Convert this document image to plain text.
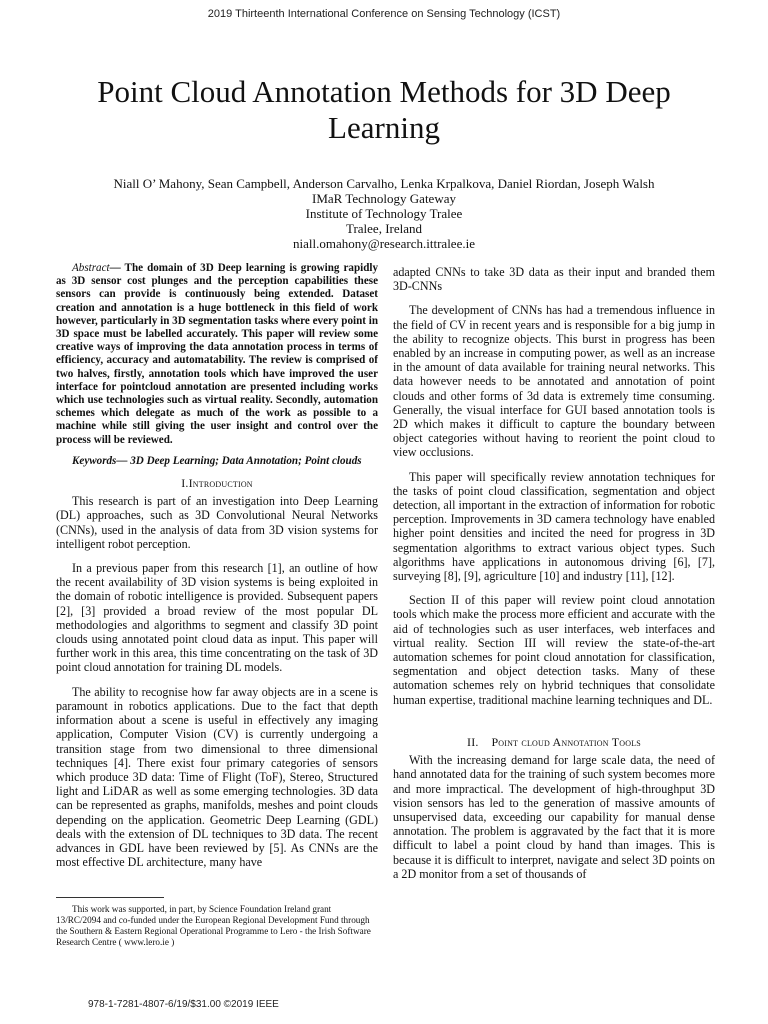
2019 Thirteenth International Conference on Sensing Technology (ICST)
Point Cloud Annotation Methods for 3D Deep
Learning
Niall O’ Mahony, Sean Campbell, Anderson Carvalho, Lenka Krpalkova, Daniel Riordan, Joseph Walsh
IMaR Technology Gateway
Institute of Technology Tralee
Tralee, Ireland
niall.omahony@research.ittralee.ie

Abstract— The domain of 3D Deep learning is growing rapidly as 3D sensor cost plunges and the perception capabilities these sensors can provide is continuously being extended. Dataset creation and annotation is a huge bottleneck in this field of work however, particularly in 3D segmentation tasks where every point in 3D space must be labelled accurately. This paper will review some creative ways of improving the data annotation process in terms of efficiency, accuracy and automatability. The review is comprised of two halves, firstly, annotation tools which have improved the user interface for pointcloud annotation are presented including works which use technologies such as virtual reality. Secondly, automation schemes which delegate as much of the work as possible to a machine while still giving the user insight and control over the process will be reviewed.

Keywords— 3D Deep Learning; Data Annotation; Point clouds

I.Introduction

This research is part of an investigation into Deep Learning (DL) approaches, such as 3D Convolutional Neural Networks (CNNs), used in the analysis of data from 3D vision systems for intelligent robot perception.

In a previous paper from this research [1], an outline of how the recent availability of 3D vision systems is being exploited in the domain of robotic intelligence is provided. Subsequent papers [2], [3] provided a broad review of the most popular DL methodologies and algorithms to segment and classify 3D point clouds using annotated point cloud data as input. This paper will further work in this area, this time concentrating on the task of 3D point cloud annotation for training DL models.

The ability to recognise how far away objects are in a scene is paramount in robotics applications. Due to the fact that depth information about a scene is useful in effectively any imaging application, Computer Vision (CV) is currently undergoing a transition stage from two dimensional to three dimensional techniques [4]. There exist four primary categories of sensors which produce 3D data: Time of Flight (ToF), Stereo, Structured light and LiDAR as well as some emerging technologies. 3D data can be represented as graphs, manifolds, meshes and point clouds depending on the application. Geometric Deep Learning (GDL) deals with the extension of DL techniques to 3D data. The recent advances in GDL have been reviewed by [5]. As CNNs are the most effective DL architecture, many have

This work was supported, in part, by Science Foundation Ireland grant 13/RC/2094 and co-funded under the European Regional Development Fund through the Southern & Eastern Regional Operational Programme to Lero - the Irish Software Research Centre ( www.lero.ie )

adapted CNNs to take 3D data as their input and branded them 3D-CNNs

The development of CNNs has had a tremendous influence in the field of CV in recent years and is responsible for a big jump in the ability to recognize objects. This burst in progress has been enabled by an increase in computing power, as well as an increase in the amount of data available for training neural networks. This data however needs to be annotated and annotation of point clouds and other forms of 3d data is extremely time consuming. Generally, the visual interface for GUI based annotation tools is 2D which makes it difficult to capture the boundary between object categories without having to reorient the point cloud to view occlusions.

This paper will specifically review annotation techniques for the tasks of point cloud classification, segmentation and object detection, all important in the extraction of information for robotic perception. Improvements in 3D camera technology have enabled higher point densities and incited the need for progress in 3D segmentation algorithms to extract various object types. Such algorithms have applications in autonomous driving [6], [7], surveying [8], [9], agriculture [10] and industry [11], [12].

Section II of this paper will review point cloud annotation tools which make the process more efficient and accurate with the aid of technologies such as user interfaces, web interfaces and virtual reality. Section III will review the state-of-the-art automation schemes for point cloud annotation for classification, segmentation and object detection tasks. Many of these automation schemes rely on hybrid techniques that consolidate human expertise, traditional machine learning techniques and DL.

II. Point cloud Annotation Tools

With the increasing demand for large scale data, the need of hand annotated data for the training of such system becomes more and more impractical. The development of high-throughput 3D vision sensors has led to the generation of massive amounts of unsupervised data, exceeding our capability for manual dense annotation. The problem is aggravated by the fact that it is more difficult to label a point cloud by hand than images. This is because it is difficult to interpret, navigate and select 3D points on a 2D monitor from a set of thousands of

978-1-7281-4807-6/19/$31.00 ©2019 IEEE
